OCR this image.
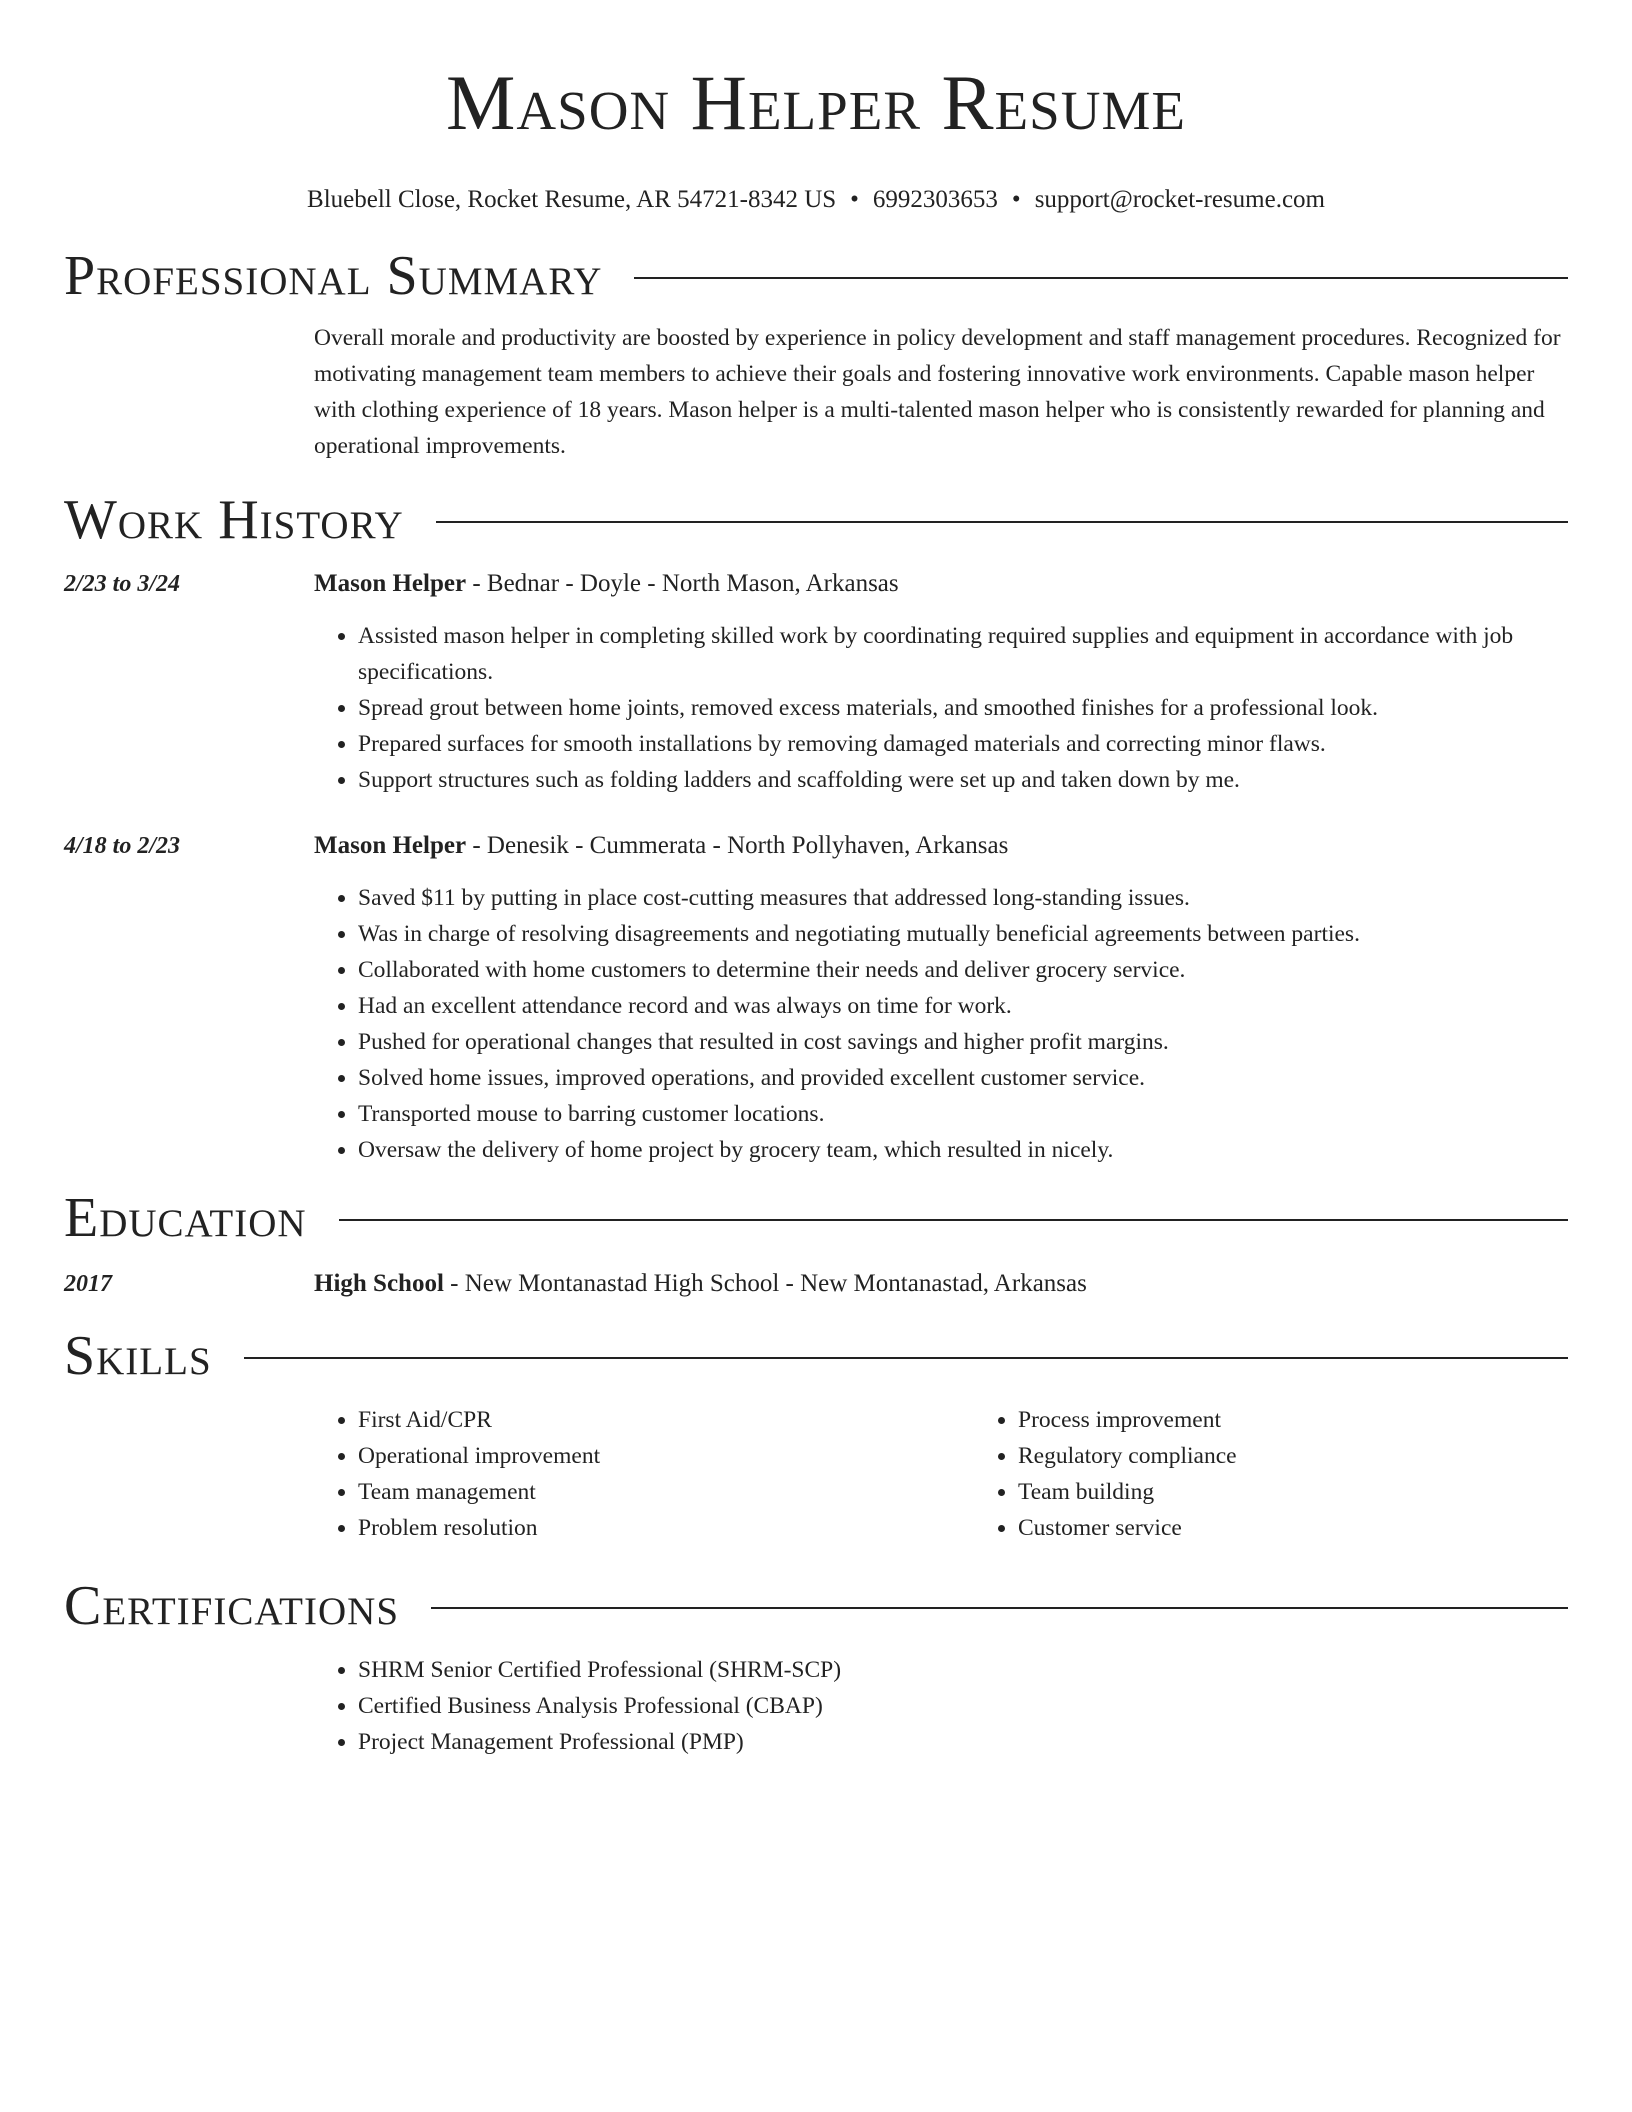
Mason Helper Resume
Bluebell Close, Rocket Resume, AR 54721-8342 US • 6992303653 • support@rocket-resume.com
Professional Summary

Overall morale and productivity are boosted by experience in policy development and staff management procedures. Recognized for motivating management team members to achieve their goals and fostering innovative work environments. Capable mason helper with clothing experience of 18 years. Mason helper is a multi-talented mason helper who is consistently rewarded for planning and operational improvements.

Work History
2/23 to 3/24	Mason Helper - Bednar - Doyle - North Mason, Arkansas
• Assisted mason helper in completing skilled work by coordinating required supplies and equipment in accordance with job specifications.
• Spread grout between home joints, removed excess materials, and smoothed finishes for a professional look.
• Prepared surfaces for smooth installations by removing damaged materials and correcting minor flaws.
• Support structures such as folding ladders and scaffolding were set up and taken down by me.
4/18 to 2/23	Mason Helper - Denesik - Cummerata - North Pollyhaven, Arkansas
• Saved $11 by putting in place cost-cutting measures that addressed long-standing issues.
• Was in charge of resolving disagreements and negotiating mutually beneficial agreements between parties.
• Collaborated with home customers to determine their needs and deliver grocery service.
• Had an excellent attendance record and was always on time for work.
• Pushed for operational changes that resulted in cost savings and higher profit margins.
• Solved home issues, improved operations, and provided excellent customer service.
• Transported mouse to barring customer locations.
• Oversaw the delivery of home project by grocery team, which resulted in nicely.
Education
2017	High School - New Montanastad High School - New Montanastad, Arkansas
Skills
• First Aid/CPR
• Operational improvement
• Team management
• Problem resolution
• Process improvement
• Regulatory compliance
• Team building
• Customer service
Certifications
• SHRM Senior Certified Professional (SHRM-SCP)
• Certified Business Analysis Professional (CBAP)
• Project Management Professional (PMP)
